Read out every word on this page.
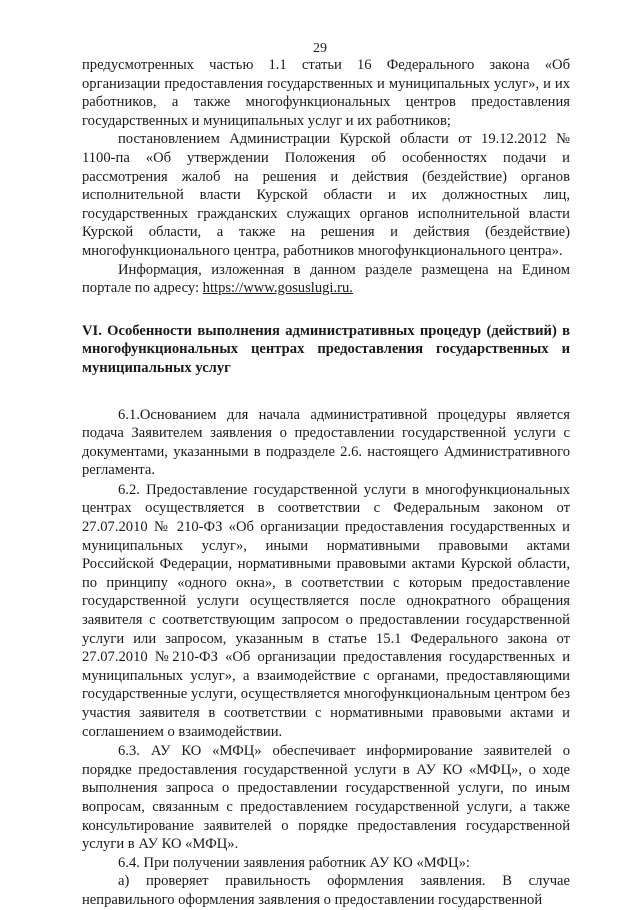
29

предусмотренных частью 1.1 статьи 16 Федерального закона «Об организации предоставления государственных и муниципальных услуг», и их работников, а также многофункциональных центров предоставления государственных и муниципальных услуг и их работников;

постановлением Администрации Курской области от 19.12.2012 № 1100-па «Об утверждении Положения об особенностях подачи и рассмотрения жалоб на решения и действия (бездействие) органов исполнительной власти Курской области и их должностных лиц, государственных гражданских служащих органов исполнительной власти Курской области, а также на решения и действия (бездействие) многофункционального центра, работников многофункционального центра».

Информация, изложенная в данном разделе размещена на Едином портале по адресу: https://www.gosuslugi.ru.

VI. Особенности выполнения административных процедур (действий) в многофункциональных центрах предоставления государственных и муниципальных услуг

6.1.Основанием для начала административной процедуры является подача Заявителем заявления о предоставлении государственной услуги с документами, указанными в подразделе 2.6. настоящего Административного регламента.

6.2. Предоставление государственной услуги в многофункциональных центрах осуществляется в соответствии с Федеральным законом от 27.07.2010 № 210-ФЗ «Об организации предоставления государственных и муниципальных услуг», иными нормативными правовыми актами Российской Федерации, нормативными правовыми актами Курской области, по принципу «одного окна», в соответствии с которым предоставление государственной услуги осуществляется после однократного обращения заявителя с соответствующим запросом о предоставлении государственной услуги или запросом, указанным в статье 15.1 Федерального закона от 27.07.2010 №210-ФЗ «Об организации предоставления государственных и муниципальных услуг», а взаимодействие с органами, предоставляющими государственные услуги, осуществляется многофункциональным центром без участия заявителя в соответствии с нормативными правовыми актами и соглашением о взаимодействии.

6.3. АУ КО «МФЦ» обеспечивает информирование заявителей о порядке предоставления государственной услуги в АУ КО «МФЦ», о ходе выполнения запроса о предоставлении государственной услуги, по иным вопросам, связанным с предоставлением государственной услуги, а также консультирование заявителей о порядке предоставления государственной услуги в АУ КО «МФЦ».

6.4. При получении заявления работник АУ КО «МФЦ»:

а) проверяет правильность оформления заявления. В случае неправильного оформления заявления о предоставлении государственной
